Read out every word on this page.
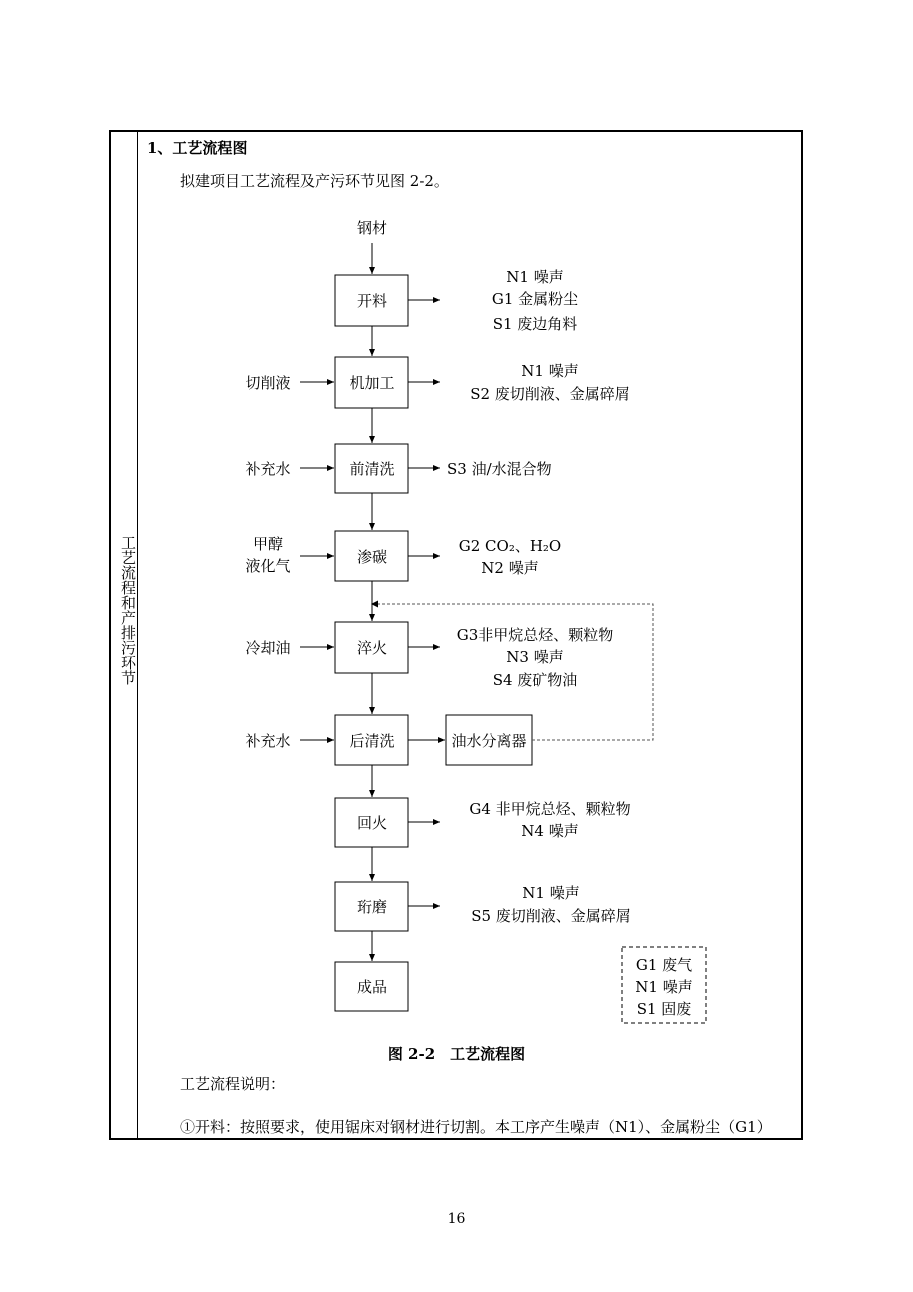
工艺流程和产排污环节
1、工艺流程图
拟建项目工艺流程及产污环节见图 2-2。
钢材
开料
机加工
前清洗
渗碳
淬火
后清洗
回火
珩磨
成品
切削液
补充水
甲醇
液化气
冷却油
补充水
N1 噪声
G1 金属粉尘
S1 废边角料
N1 噪声
S2 废切削液、金属碎屑
S3 油/水混合物
G2 CO₂、H₂O
N2 噪声
G3非甲烷总烃、颗粒物
N3 噪声
S4 废矿物油
油水分离器
G4 非甲烷总烃、颗粒物
N4 噪声
N1 噪声
S5 废切削液、金属碎屑
G1 废气
N1 噪声
S1 固废
图 2-2　工艺流程图
工艺流程说明：
①开料：按照要求，使用锯床对钢材进行切割。本工序产生噪声（N1）、金属粉尘（G1）
16
